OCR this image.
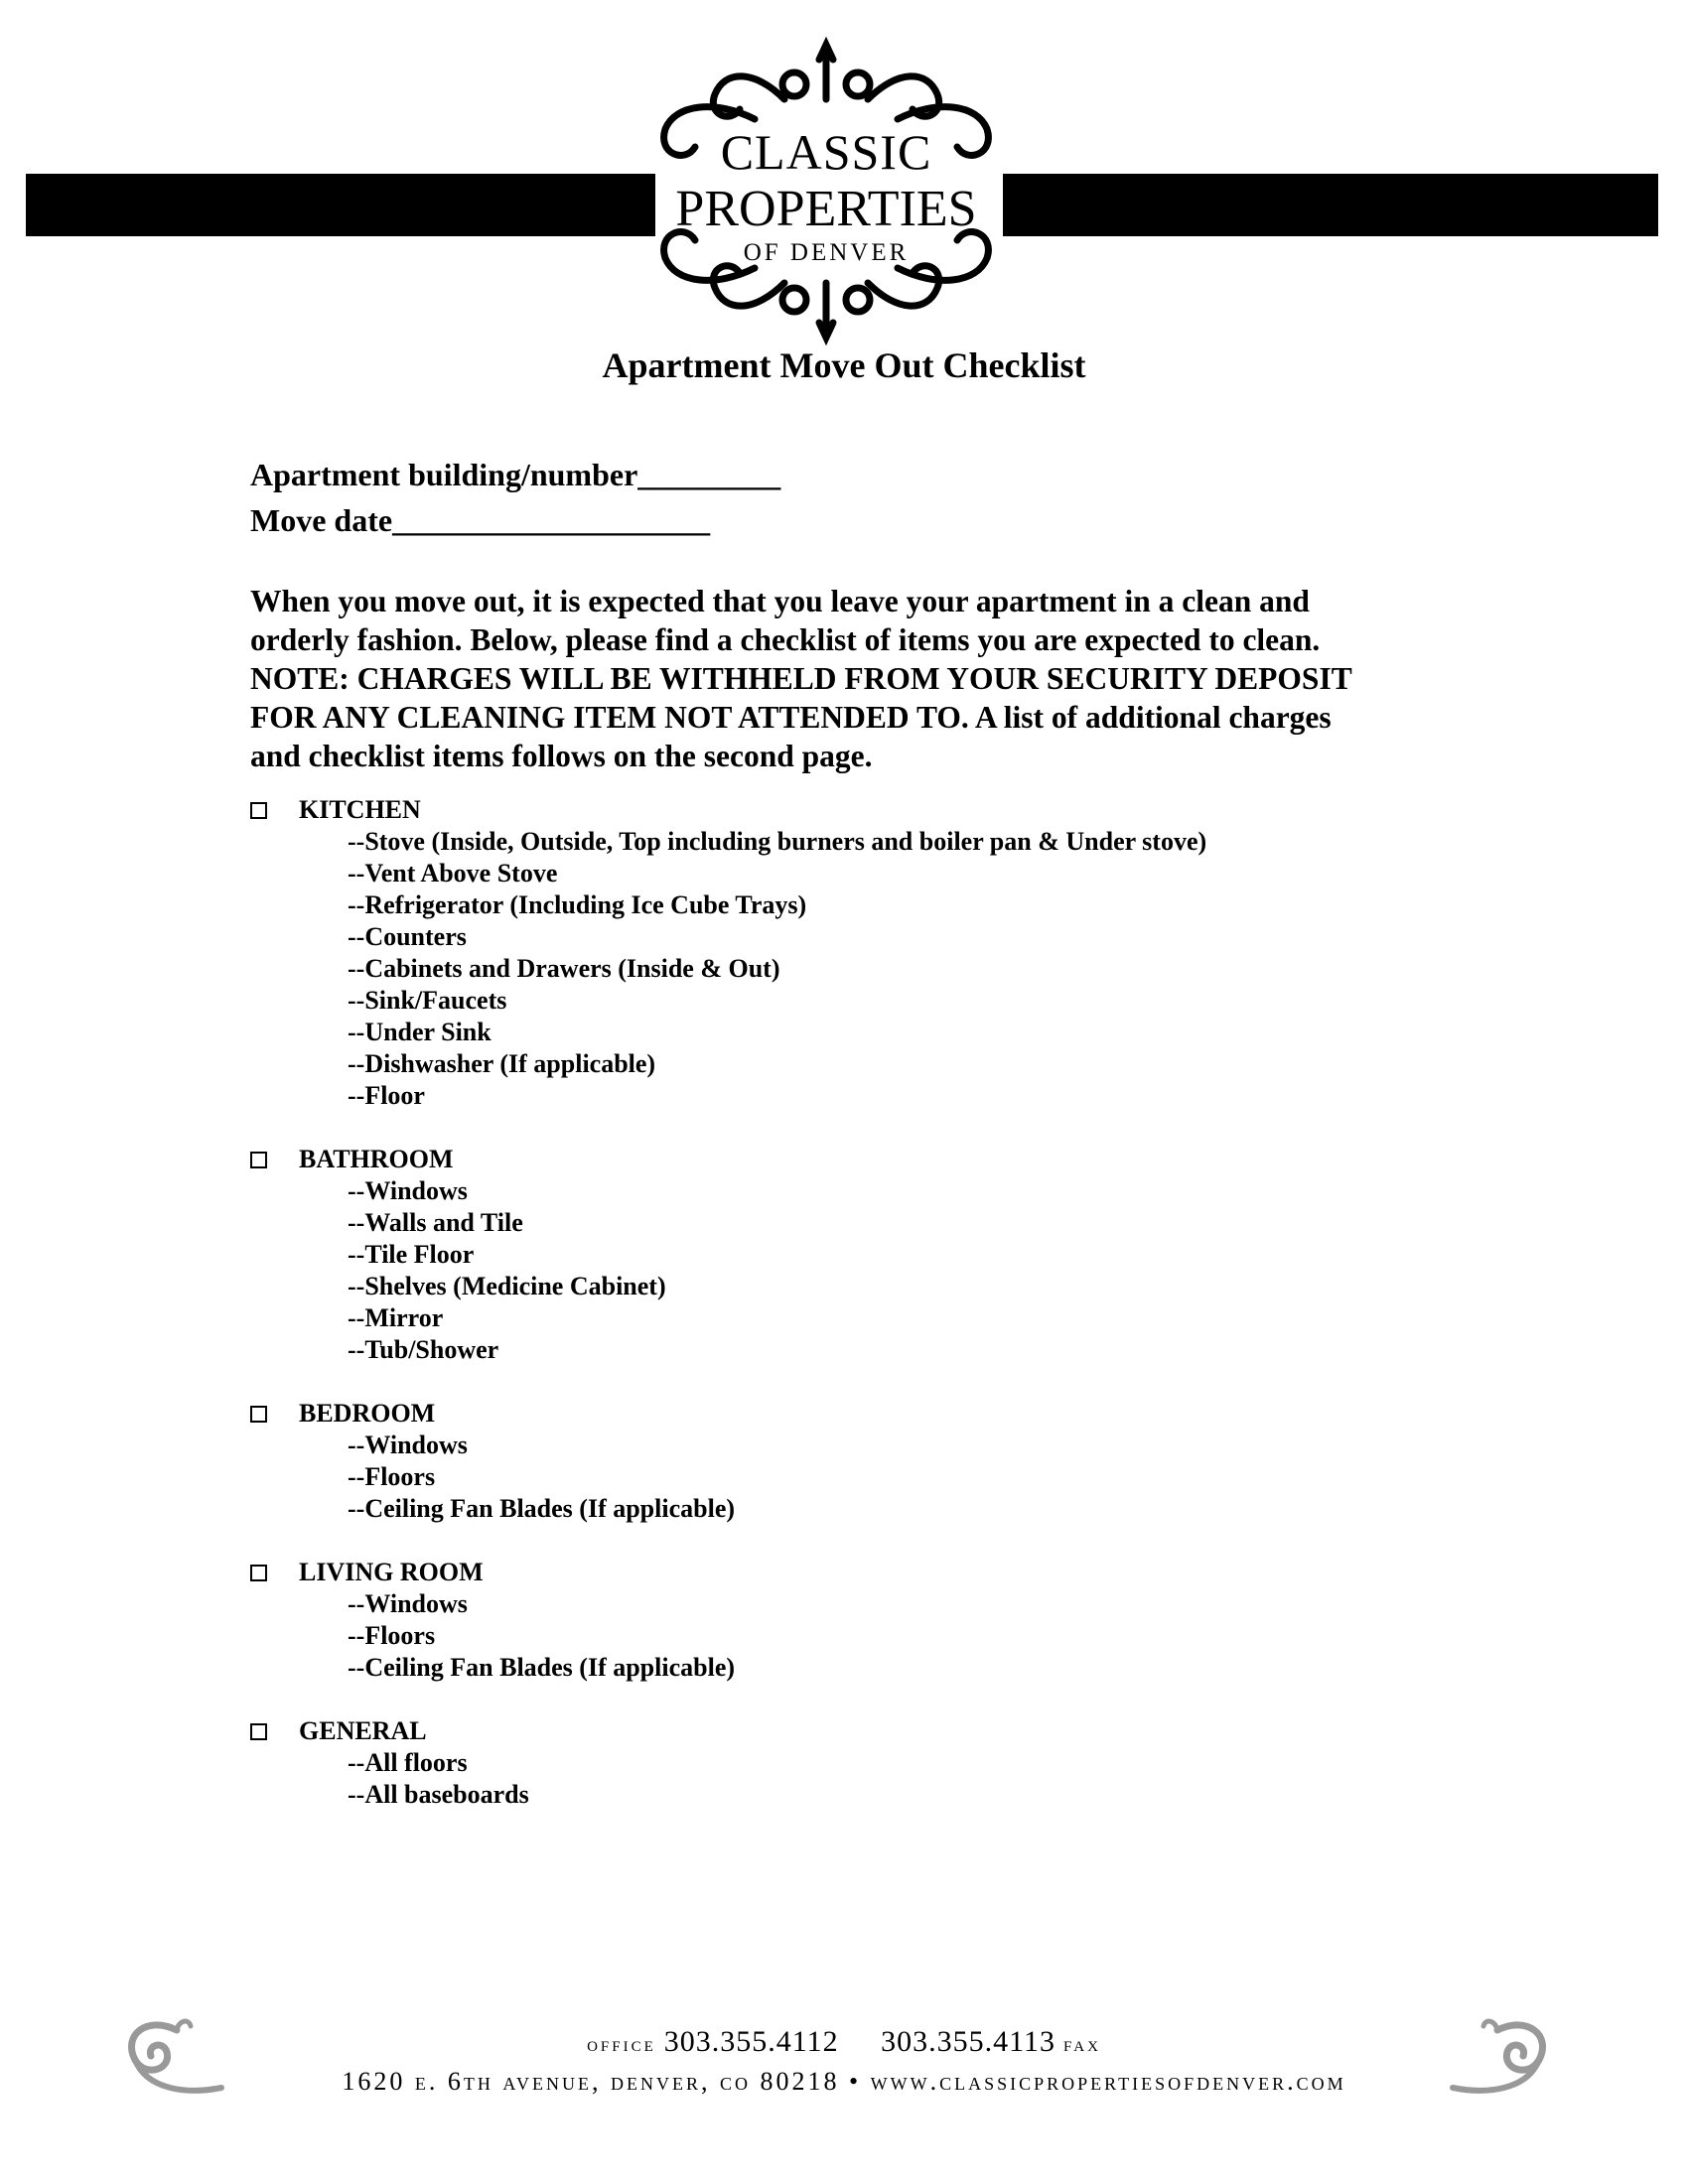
CLASSIC
PROPERTIES
OF DENVER
Apartment Move Out Checklist
Apartment building/number_________
Move date____________________

When you move out, it is expected that you leave your apartment in a clean and

orderly fashion. Below, please find a checklist of items you are expected to clean.

NOTE: CHARGES WILL BE WITHHELD FROM YOUR SECURITY DEPOSIT

FOR ANY CLEANING ITEM NOT ATTENDED TO. A list of additional charges

and checklist items follows on the second page.

KITCHEN
--Stove (Inside, Outside, Top including burners and boiler pan & Under stove)
--Vent Above Stove
--Refrigerator (Including Ice Cube Trays)
--Counters
--Cabinets and Drawers (Inside & Out)
--Sink/Faucets
--Under Sink
--Dishwasher (If applicable)
--Floor
BATHROOM
--Windows
--Walls and Tile
--Tile Floor
--Shelves (Medicine Cabinet)
--Mirror
--Tub/Shower
BEDROOM
--Windows
--Floors
--Ceiling Fan Blades (If applicable)
LIVING ROOM
--Windows
--Floors
--Ceiling Fan Blades (If applicable)
GENERAL
--All floors
--All baseboards
OFFICE 303.355.4112 303.355.4113 FAX
1620 e. 6th avenue, denver, co 80218 • www.classicpropertiesofdenver.com
